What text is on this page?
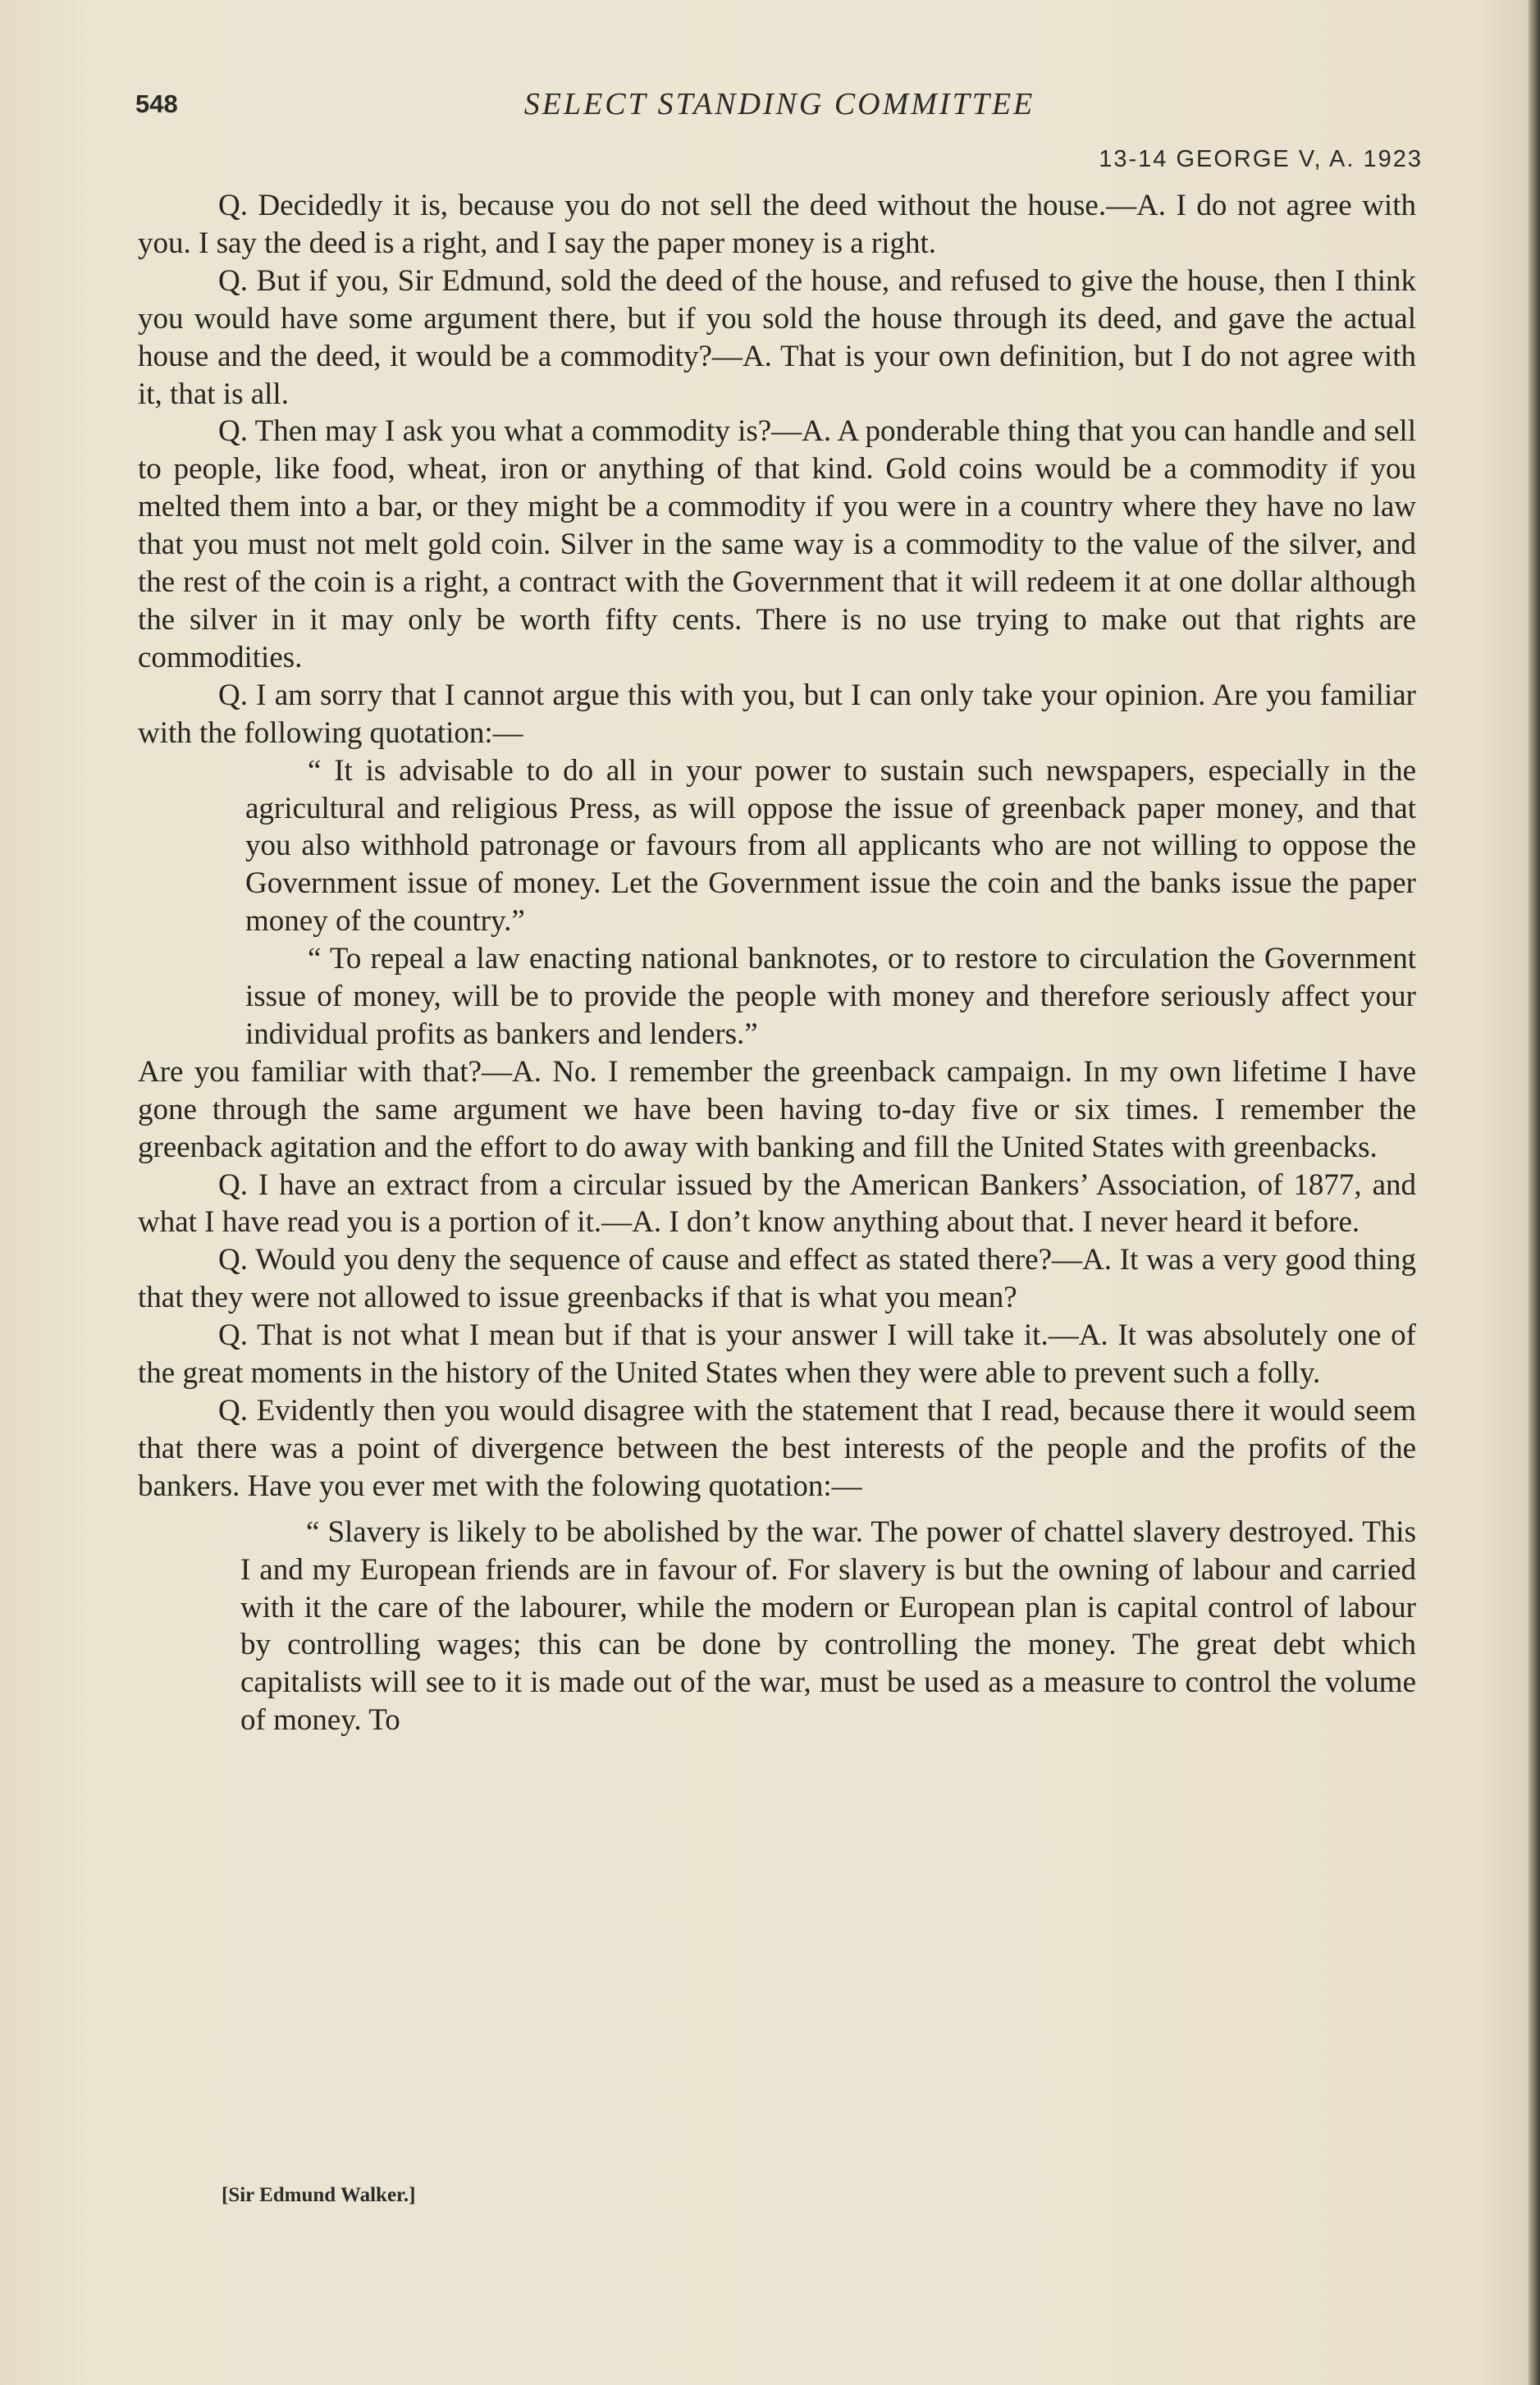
548	SELECT STANDING COMMITTEE
13-14 GEORGE V, A. 1923

Q. Decidedly it is, because you do not sell the deed without the house.—A. I do not agree with you. I say the deed is a right, and I say the paper money is a right.

Q. But if you, Sir Edmund, sold the deed of the house, and refused to give the house, then I think you would have some argument there, but if you sold the house through its deed, and gave the actual house and the deed, it would be a commodity?—A. That is your own definition, but I do not agree with it, that is all.

Q. Then may I ask you what a commodity is?—A. A ponderable thing that you can handle and sell to people, like food, wheat, iron or anything of that kind. Gold coins would be a commodity if you melted them into a bar, or they might be a commodity if you were in a country where they have no law that you must not melt gold coin. Silver in the same way is a commodity to the value of the silver, and the rest of the coin is a right, a contract with the Government that it will redeem it at one dollar although the silver in it may only be worth fifty cents. There is no use trying to make out that rights are commodities.

Q. I am sorry that I cannot argue this with you, but I can only take your opinion. Are you familiar with the following quotation:—

“ It is advisable to do all in your power to sustain such newspapers, especially in the agricultural and religious Press, as will oppose the issue of greenback paper money, and that you also withhold patronage or favours from all applicants who are not willing to oppose the Government issue of money. Let the Government issue the coin and the banks issue the paper money of the country.”

“ To repeal a law enacting national banknotes, or to restore to circulation the Government issue of money, will be to provide the people with money and therefore seriously affect your individual profits as bankers and lenders.”

Are you familiar with that?—A. No. I remember the greenback campaign. In my own lifetime I have gone through the same argument we have been having to-day five or six times. I remember the greenback agitation and the effort to do away with banking and fill the United States with greenbacks.

Q. I have an extract from a circular issued by the American Bankers’ Association, of 1877, and what I have read you is a portion of it.—A. I don’t know anything about that. I never heard it before.

Q. Would you deny the sequence of cause and effect as stated there?—A. It was a very good thing that they were not allowed to issue greenbacks if that is what you mean?

Q. That is not what I mean but if that is your answer I will take it.—A. It was absolutely one of the great moments in the history of the United States when they were able to prevent such a folly.

Q. Evidently then you would disagree with the statement that I read, because there it would seem that there was a point of divergence between the best interests of the people and the profits of the bankers. Have you ever met with the folowing quotation:—

“ Slavery is likely to be abolished by the war. The power of chattel slavery destroyed. This I and my European friends are in favour of. For slavery is but the owning of labour and carried with it the care of the labourer, while the modern or European plan is capital control of labour by controlling wages; this can be done by controlling the money. The great debt which capitalists will see to it is made out of the war, must be used as a measure to control the volume of money. To

[Sir Edmund Walker.]
